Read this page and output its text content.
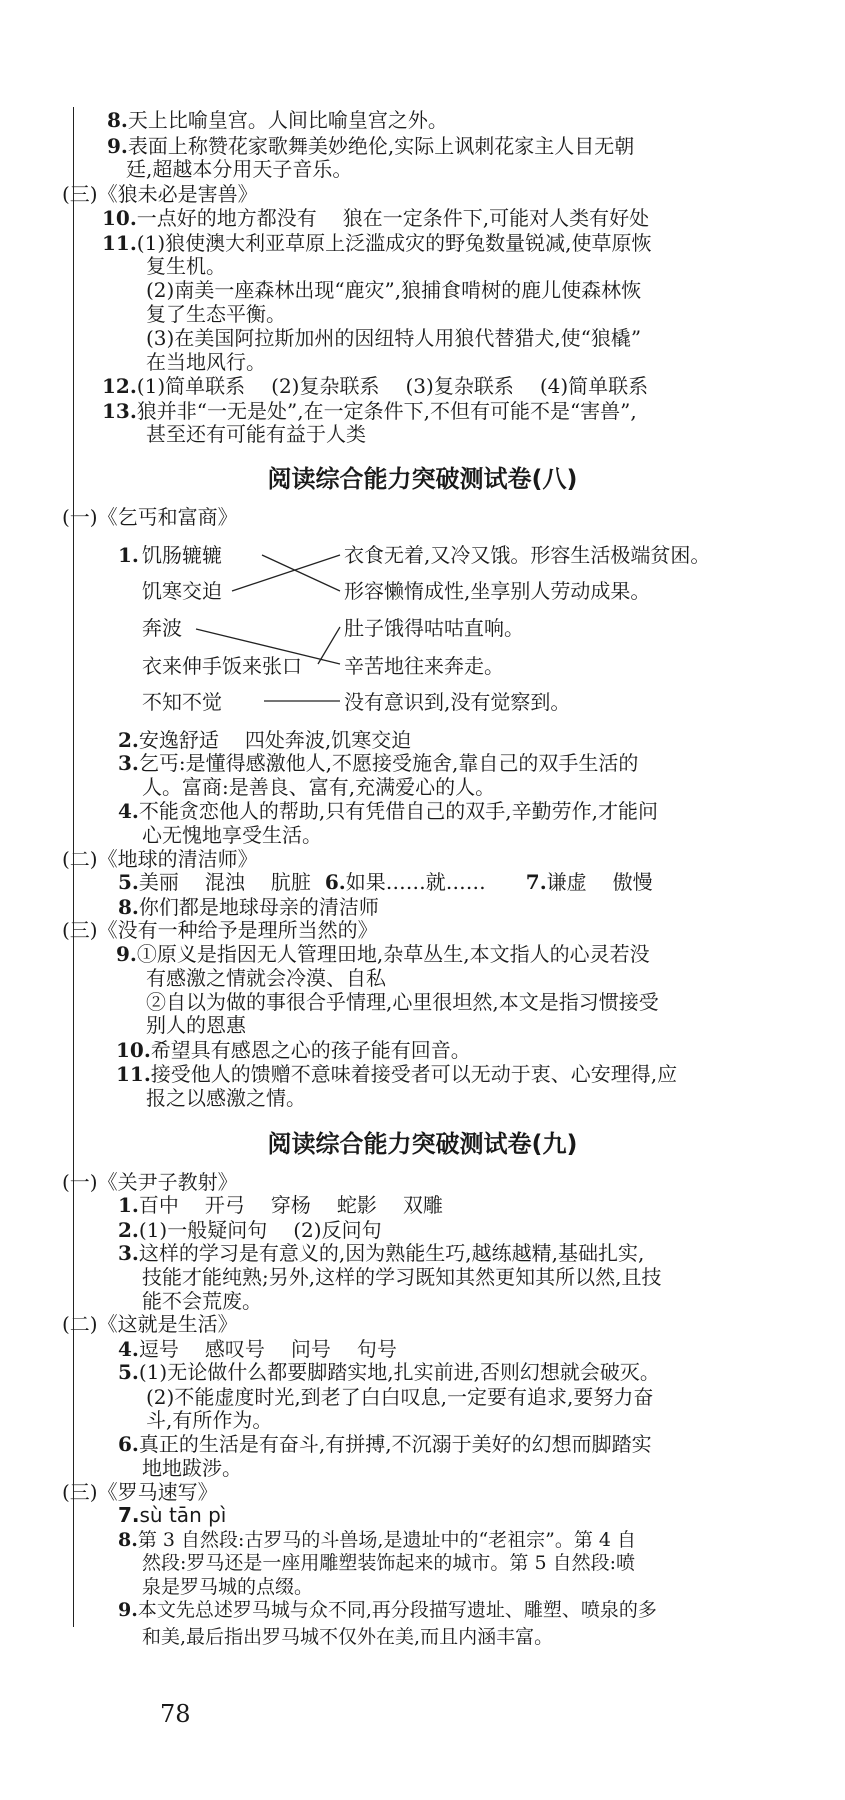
8.天上比喻皇宫。人间比喻皇宫之外。
9.表面上称赞花家歌舞美妙绝伦,实际上讽刺花家主人目无朝
廷,超越本分用天子音乐。
(三)《狼未必是害兽》
10.一点好的地方都没有 狼在一定条件下,可能对人类有好处
11.(1)狼使澳大利亚草原上泛滥成灾的野兔数量锐减,使草原恢
复生机。
(2)南美一座森林出现“鹿灾”,狼捕食啃树的鹿儿使森林恢
复了生态平衡。
(3)在美国阿拉斯加州的因纽特人用狼代替猎犬,使“狼橇”
在当地风行。
12.(1)简单联系 (2)复杂联系 (3)复杂联系 (4)简单联系
13.狼并非“一无是处”,在一定条件下,不但有可能不是“害兽”,
甚至还有可能有益于人类
阅读综合能力突破测试卷(八)
(一)《乞丐和富商》
1. 饥肠辘辘
饥寒交迫
奔波
衣来伸手饭来张口
不知不觉
衣食无着,又冷又饿。形容生活极端贫困。
形容懒惰成性,坐享别人劳动成果。
肚子饿得咕咕直响。
辛苦地往来奔走。
没有意识到,没有觉察到。
2.安逸舒适 四处奔波,饥寒交迫
3.乞丐:是懂得感激他人,不愿接受施舍,靠自己的双手生活的
人。富商:是善良、富有,充满爱心的人。
4.不能贪恋他人的帮助,只有凭借自己的双手,辛勤劳作,才能问
心无愧地享受生活。
(二)《地球的清洁师》
5.美丽 混浊 肮脏 6.如果……就…… 7.谦虚 傲慢
8.你们都是地球母亲的清洁师
(三)《没有一种给予是理所当然的》
9.①原义是指因无人管理田地,杂草丛生,本文指人的心灵若没
有感激之情就会冷漠、自私
②自以为做的事很合乎情理,心里很坦然,本文是指习惯接受
别人的恩惠
10.希望具有感恩之心的孩子能有回音。
11.接受他人的馈赠不意味着接受者可以无动于衷、心安理得,应
报之以感激之情。
阅读综合能力突破测试卷(九)
(一)《关尹子教射》
1.百中 开弓 穿杨 蛇影 双雕
2.(1)一般疑问句 (2)反问句
3.这样的学习是有意义的,因为熟能生巧,越练越精,基础扎实,
技能才能纯熟;另外,这样的学习既知其然更知其所以然,且技
能不会荒废。
(二)《这就是生活》
4.逗号 感叹号 问号 句号
5.(1)无论做什么都要脚踏实地,扎实前进,否则幻想就会破灭。
(2)不能虚度时光,到老了白白叹息,一定要有追求,要努力奋
斗,有所作为。
6.真正的生活是有奋斗,有拼搏,不沉溺于美好的幻想而脚踏实
地地跋涉。
(三)《罗马速写》
7.sù tān pì
8.第 3 自然段:古罗马的斗兽场,是遗址中的“老祖宗”。第 4 自
然段:罗马还是一座用雕塑装饰起来的城市。第 5 自然段:喷
泉是罗马城的点缀。
9.本文先总述罗马城与众不同,再分段描写遗址、雕塑、喷泉的多
和美,最后指出罗马城不仅外在美,而且内涵丰富。
78
